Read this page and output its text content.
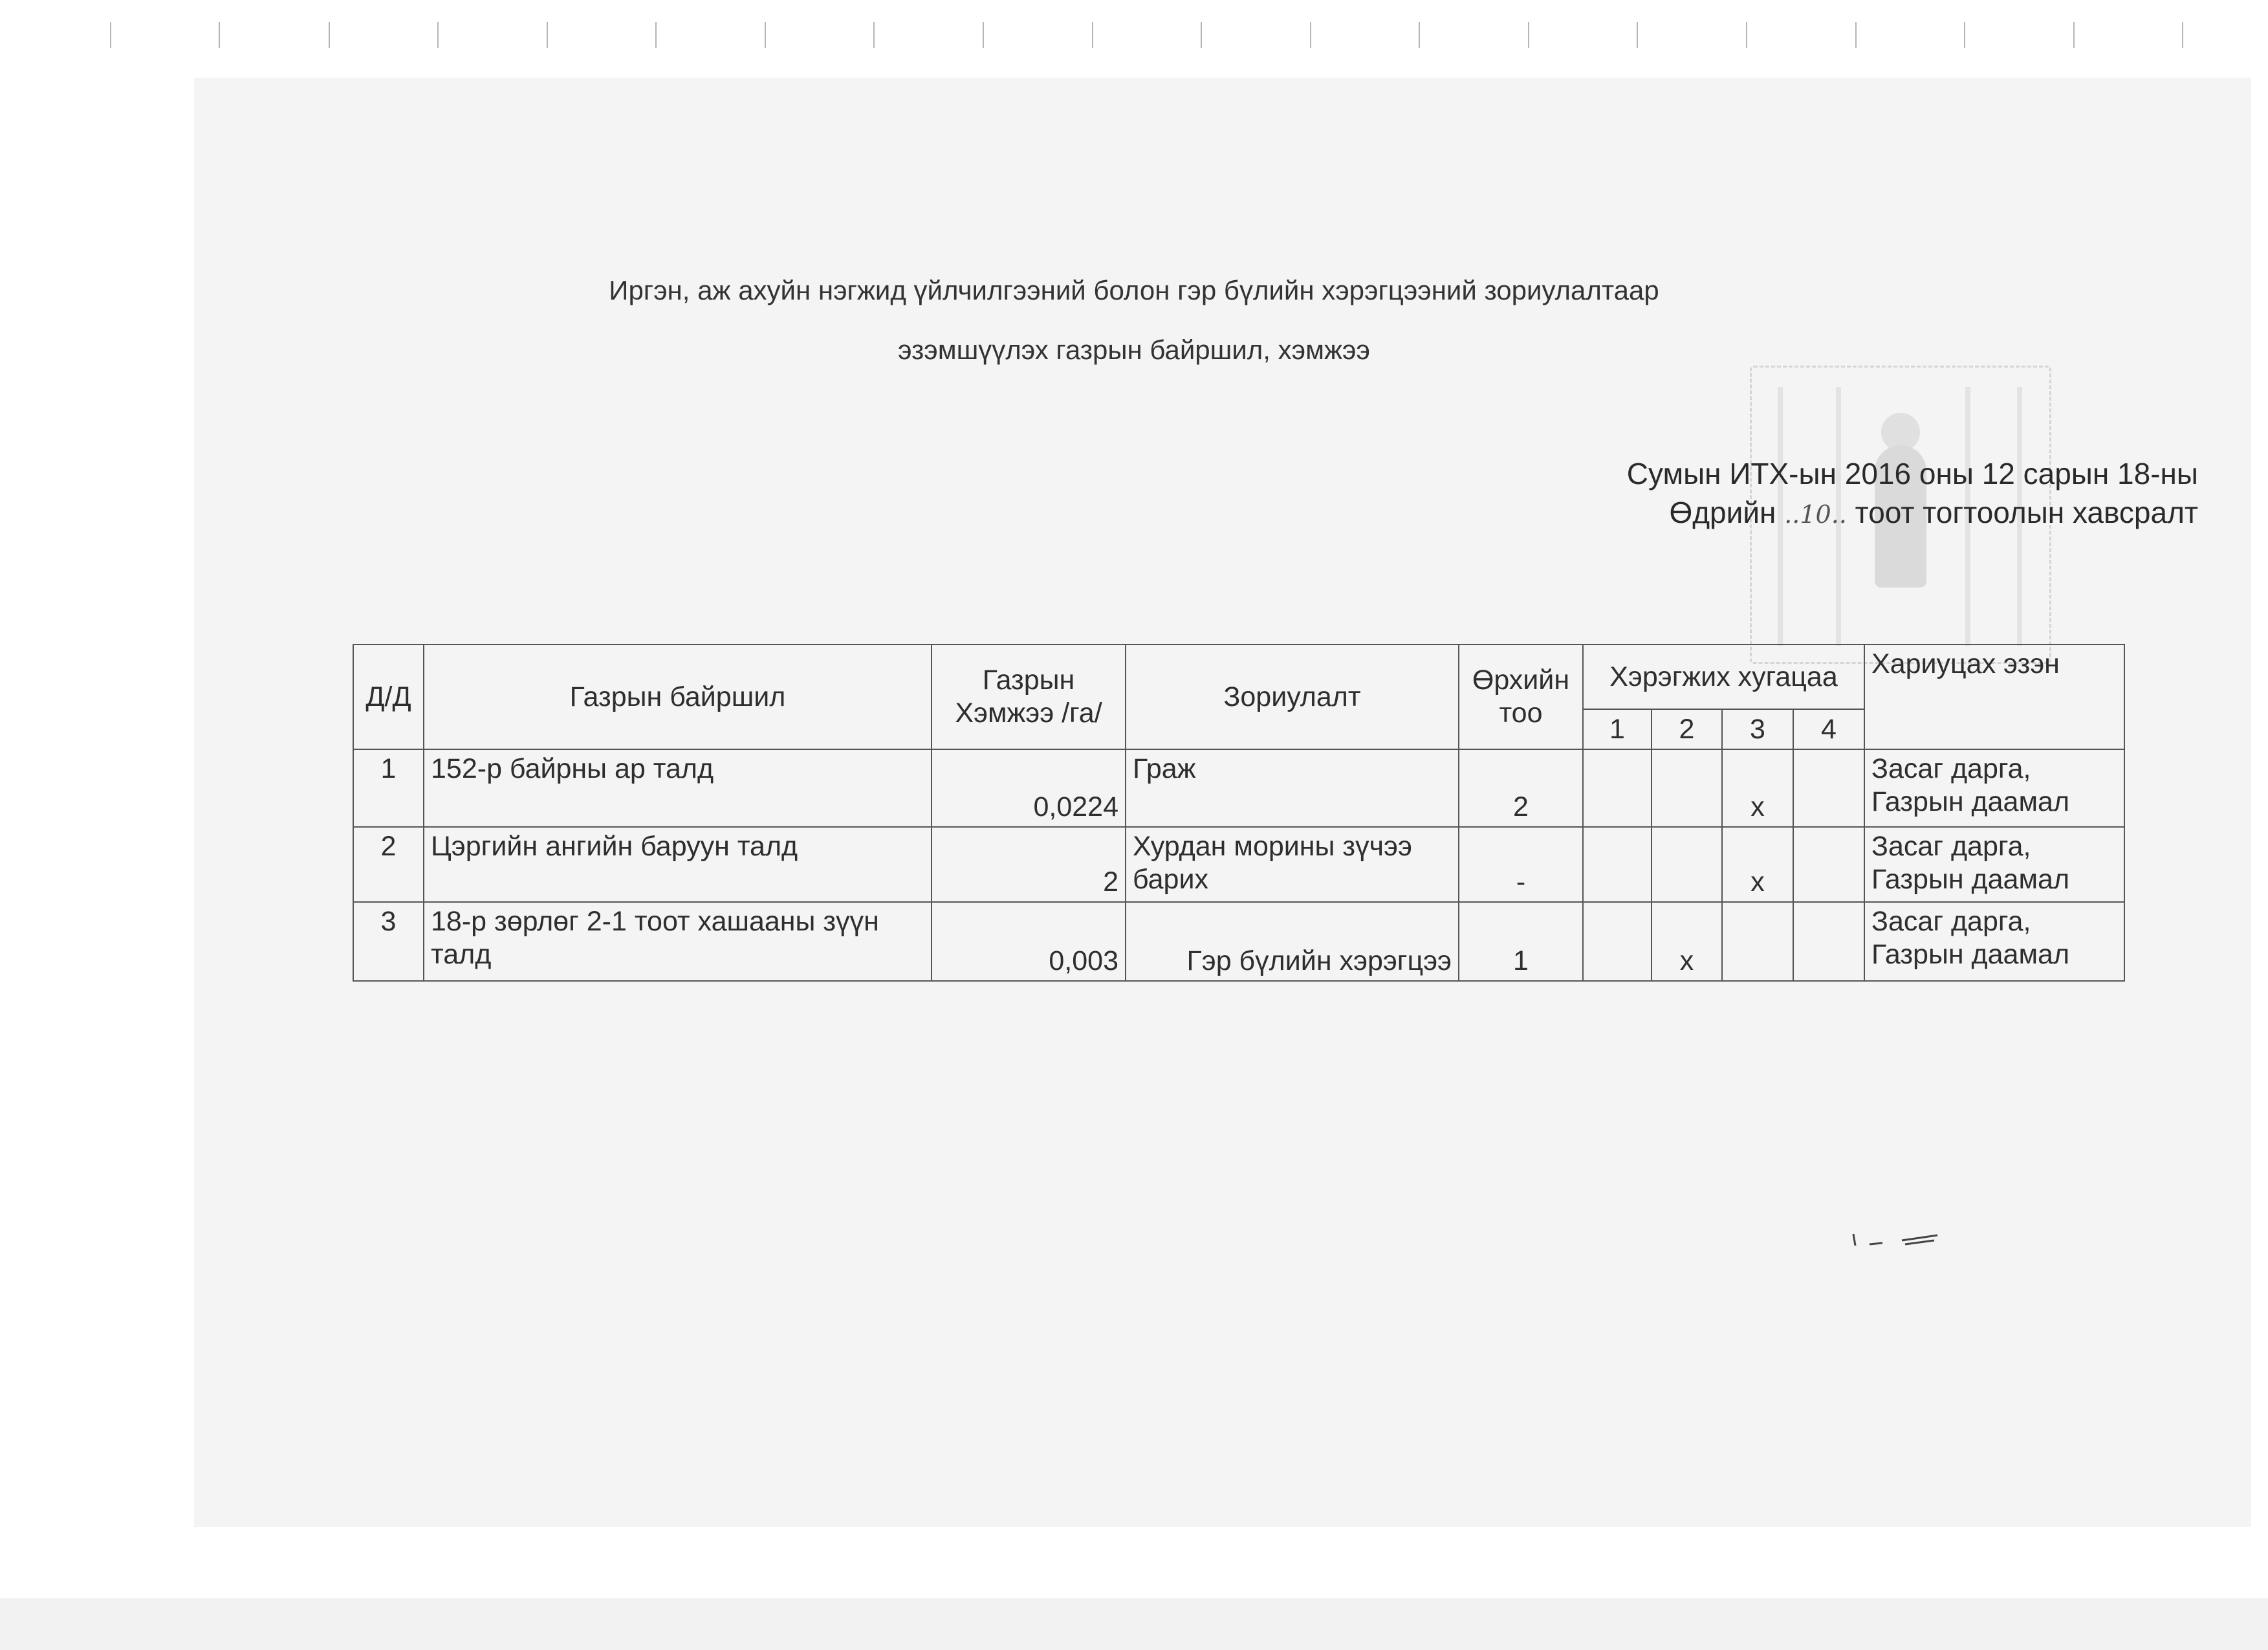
Иргэн, аж ахуйн нэгжид үйлчилгээний болон гэр бүлийн хэрэгцээний зориулалтаар
эзэмшүүлэх газрын байршил, хэмжээ
Сумын ИТХ-ын 2016 оны 12 сарын 18-ны
Өдрийн ..10.. тоот тогтоолын хавсралт
Д/Д	Газрын байршил	Газрын Хэмжээ /га/	Зориулалт	Өрхийн тоо	Хэрэгжих хугацаа				Хариуцах эзэн
					1	2	3	4	
1	152-р байрны ар талд	0,0224	Граж	2			x		Засаг дарга, Газрын даамал
2	Цэргийн ангийн баруун талд	2	Хурдан морины зүчээ барих	-			x		Засаг дарга, Газрын даамал
3	18-р зөрлөг 2-1 тоот хашааны зүүн талд	0,003	Гэр бүлийн хэрэгцээ	1		x			Засаг дарга, Газрын даамал
